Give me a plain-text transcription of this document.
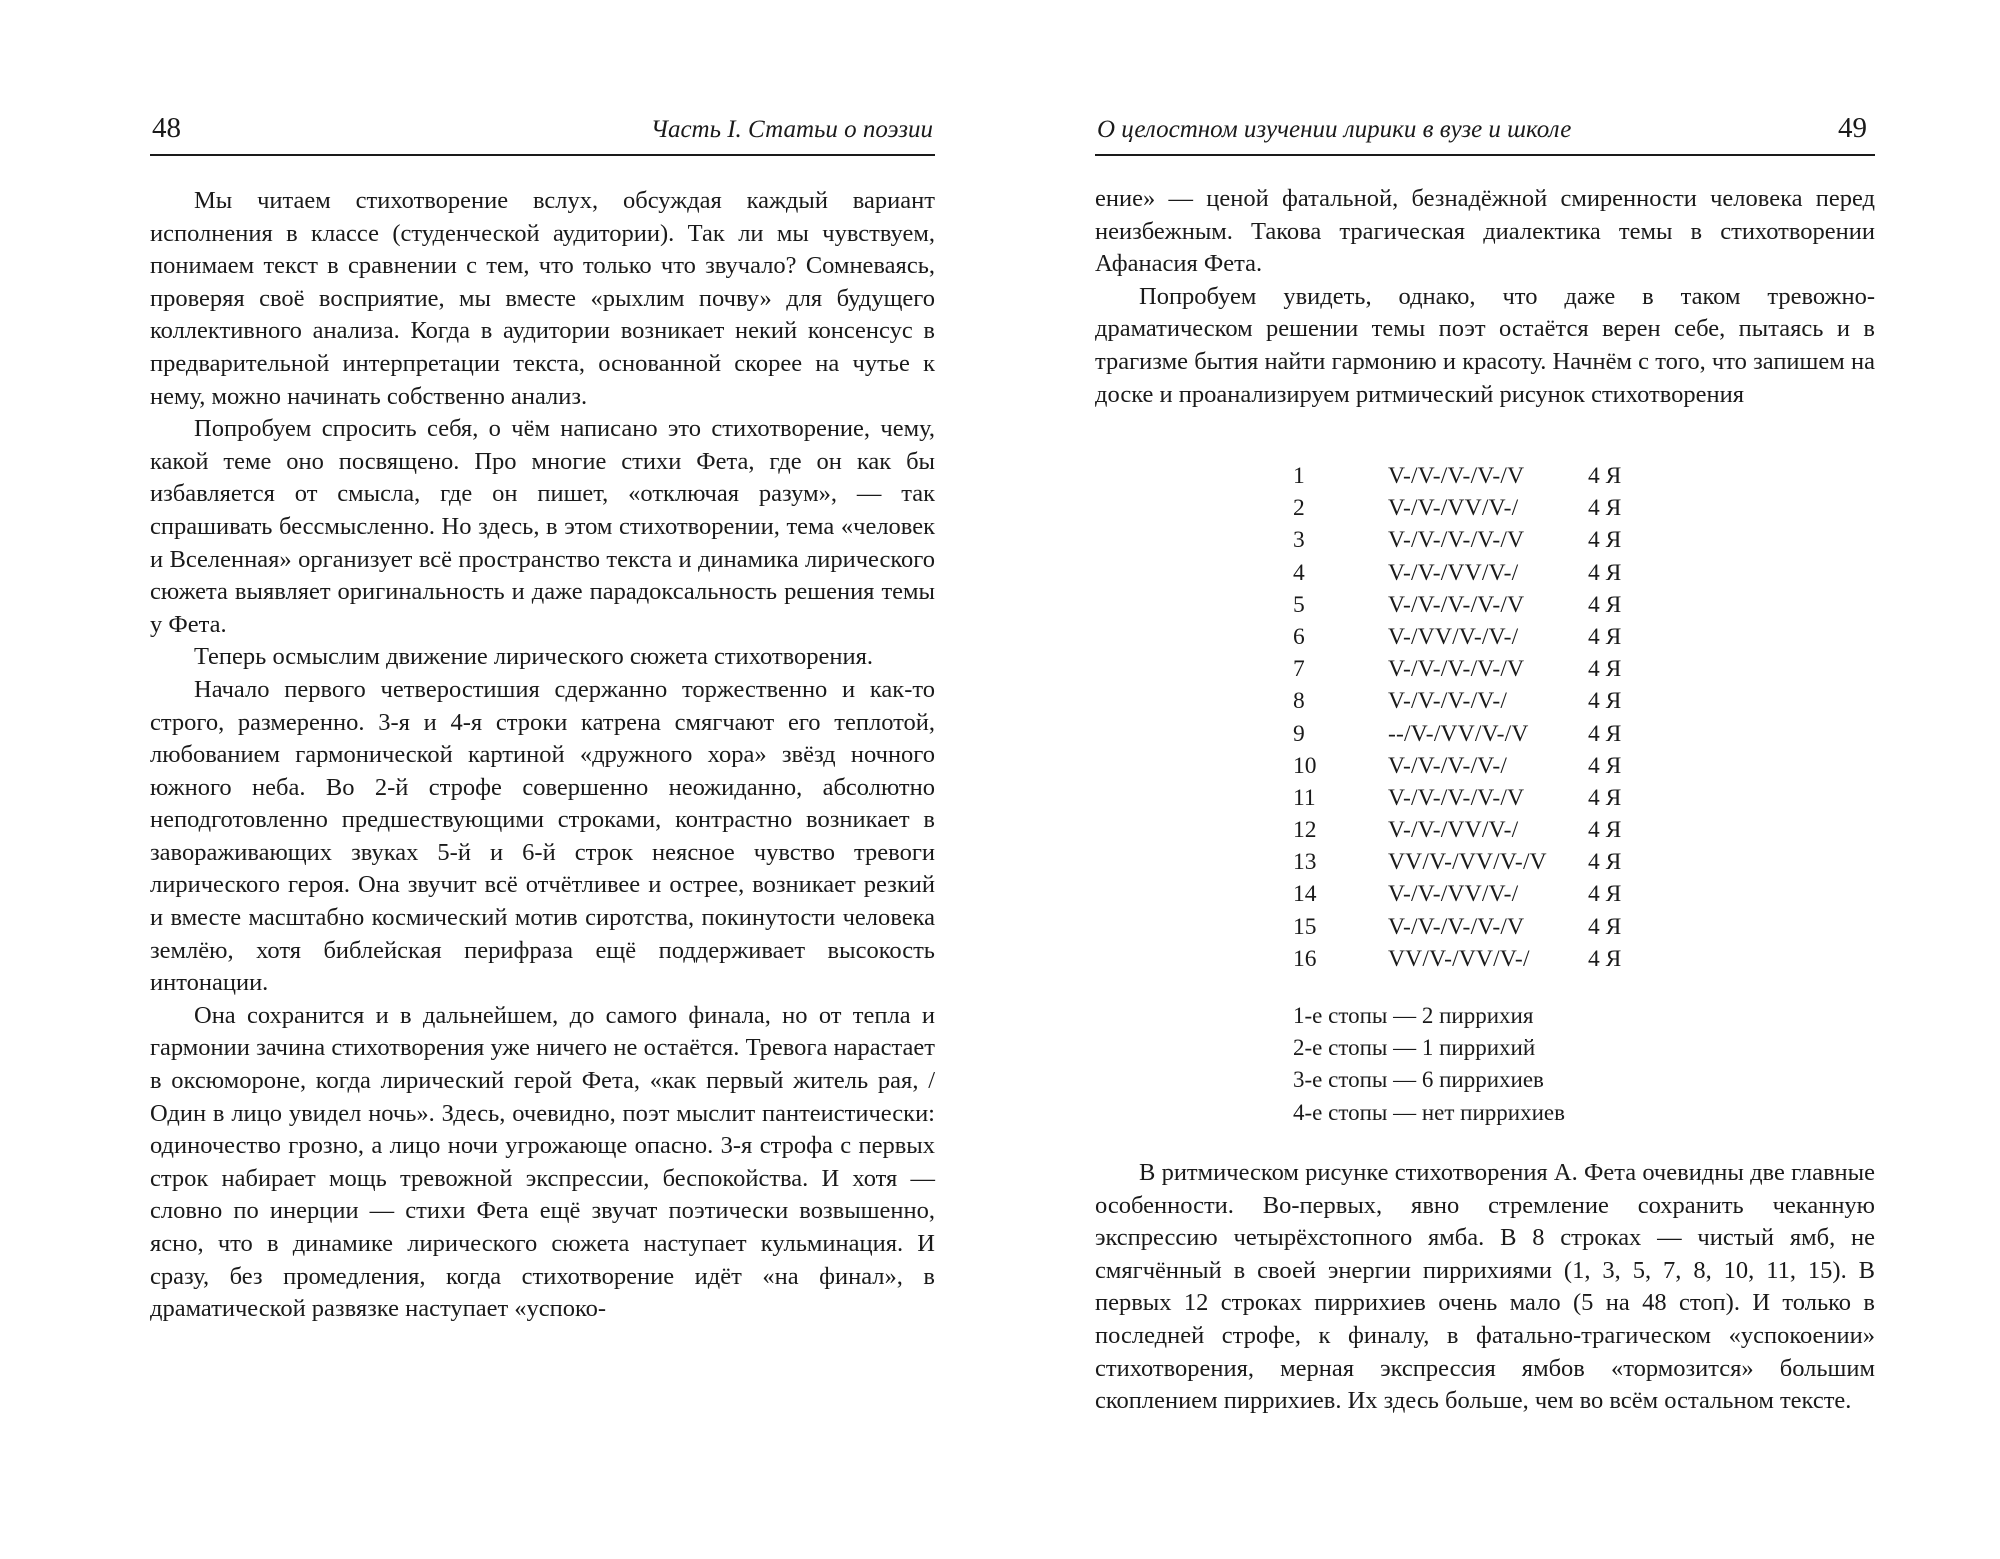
48	Часть I. Статьи о поэзии

Мы читаем стихотворение вслух, обсуждая каждый вариант исполнения в классе (студенческой аудитории). Так ли мы чувствуем, понимаем текст в сравнении с тем, что только что звучало? Сомневаясь, проверяя своё восприятие, мы вместе «рыхлим почву» для будущего коллективного анализа. Когда в аудитории возникает некий консенсус в предварительной интерпретации текста, основанной скорее на чутье к нему, можно начинать собственно анализ.

Попробуем спросить себя, о чём написано это стихотворение, чему, какой теме оно посвящено. Про многие стихи Фета, где он как бы избавляется от смысла, где он пишет, «отключая разум», — так спрашивать бессмысленно. Но здесь, в этом стихотворении, тема «человек и Вселенная» организует всё пространство текста и динамика лирического сюжета выявляет оригинальность и даже парадоксальность решения темы у Фета.

Теперь осмыслим движение лирического сюжета стихотворения.

Начало первого четверостишия сдержанно торжественно и как-то строго, размеренно. 3-я и 4-я строки катрена смягчают его теплотой, любованием гармонической картиной «дружного хора» звёзд ночного южного неба. Во 2-й строфе совершенно неожиданно, абсолютно неподготовленно предшествующими строками, контрастно возникает в завораживающих звуках 5-й и 6-й строк неясное чувство тревоги лирического героя. Она звучит всё отчётливее и острее, возникает резкий и вместе масштабно космический мотив сиротства, покинутости человека землёю, хотя библейская перифраза ещё поддерживает высокость интонации.

Она сохранится и в дальнейшем, до самого финала, но от тепла и гармонии зачина стихотворения уже ничего не остаётся. Тревога нарастает в оксюмороне, когда лирический герой Фета, «как первый житель рая, / Один в лицо увидел ночь». Здесь, очевидно, поэт мыслит пантеистически: одиночество грозно, а лицо ночи угрожающе опасно. 3-я строфа с первых строк набирает мощь тревожной экспрессии, беспокойства. И хотя — словно по инерции — стихи Фета ещё звучат поэтически возвышенно, ясно, что в динамике лирического сюжета наступает кульминация. И сразу, без промедления, когда стихотворение идёт «на финал», в драматической развязке наступает «успоко-

О целостном изучении лирики в вузе и школе	49

ение» — ценой фатальной, безнадёжной смиренности человека перед неизбежным. Такова трагическая диалектика темы в стихотворении Афанасия Фета.

Попробуем увидеть, однако, что даже в таком тревожно-драматическом решении темы поэт остаётся верен себе, пытаясь и в трагизме бытия найти гармонию и красоту. Начнём с того, что запишем на доске и проанализируем ритмический рисунок стихотворения

1	V-/V-/V-/V-/V	4 Я
2	V-/V-/VV/V-/	4 Я
3	V-/V-/V-/V-/V	4 Я
4	V-/V-/VV/V-/	4 Я
5	V-/V-/V-/V-/V	4 Я
6	V-/VV/V-/V-/	4 Я
7	V-/V-/V-/V-/V	4 Я
8	V-/V-/V-/V-/	4 Я
9	--/V-/VV/V-/V	4 Я
10	V-/V-/V-/V-/	4 Я
11	V-/V-/V-/V-/V	4 Я
12	V-/V-/VV/V-/	4 Я
13	VV/V-/VV/V-/V	4 Я
14	V-/V-/VV/V-/	4 Я
15	V-/V-/V-/V-/V	4 Я
16	VV/V-/VV/V-/	4 Я
1-е стопы — 2 пиррихия
2-е стопы — 1 пиррихий
3-е стопы — 6 пиррихиев
4-е стопы — нет пиррихиев

В ритмическом рисунке стихотворения А. Фета очевидны две главные особенности. Во-первых, явно стремление сохранить чеканную экспрессию четырёхстопного ямба. В 8 строках — чистый ямб, не смягчённый в своей энергии пиррихиями (1, 3, 5, 7, 8, 10, 11, 15). В первых 12 строках пиррихиев очень мало (5 на 48 стоп). И только в последней строфе, к финалу, в фатально-трагическом «успокоении» стихотворения, мерная экспрессия ямбов «тормозится» большим скоплением пиррихиев. Их здесь больше, чем во всём остальном тексте.
